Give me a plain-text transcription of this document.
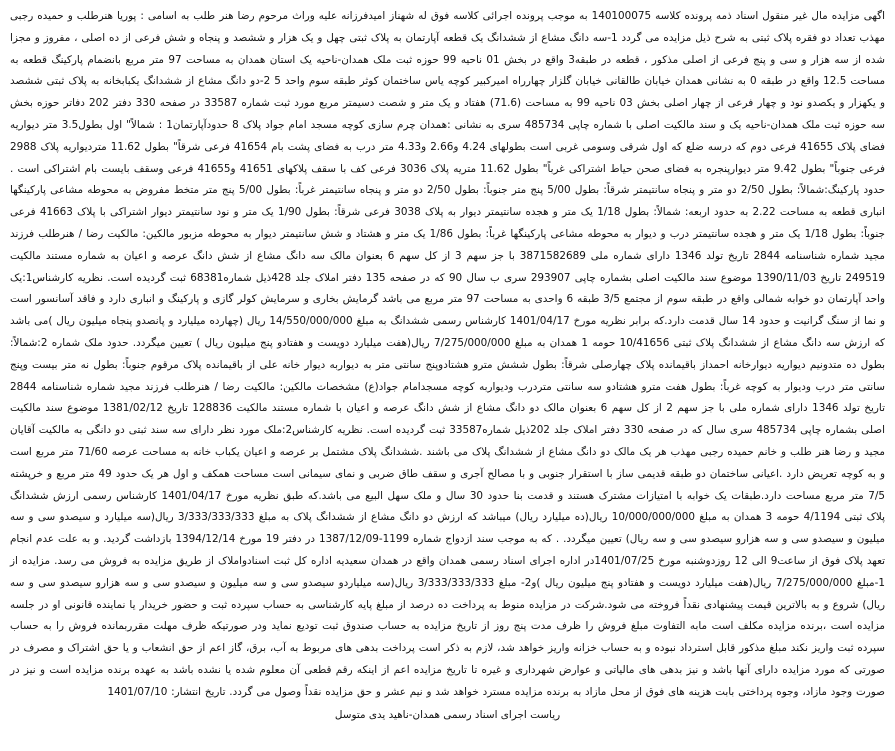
اگهی مزایده مال غیر منقول اسناد ذمه پرونده کلاسه 140100075 به موجب پرونده اجرائی کلاسه فوق له شهناز امیدفرزانه علیه وراث مرحوم رضا هنر طلب به اسامی : پوریا هنرطلب و حمیده رجبی مهذب تعداد دو فقره پلاک ثبتی به شرح ذیل مزایده می گردد 1-سه دانگ مشاع از ششدانگ یک قطعه آپارتمان به پلاک ثبتی چهل و یک هزار و ششصد و پنجاه و شش فرعی از ده اصلی ، مفروز و مجزا شده از سه هزار و سی و پنج فرعی از اصلی مذکور ، قطعه در طبقه3 واقع در بخش 01 ناحیه 99 حوزه ثبت ملک همدان-ناحیه یک استان همدان به مساحت 97 متر مربع بانضمام پارکینگ قطعه به مساحت 12.5 واقع در طبقه 0 به نشانی همدان خیابان طالقانی خیابان گلزار چهارراه امیرکبیر کوچه یاس ساختمان کوثر طبقه سوم واحد 5 2-دو دانگ مشاع از ششدانگ یکبابخانه به پلاک ثبتی ششصد و یکهزار و یکصدو نود و چهار فرعی از چهار اصلی بخش 03 ناحیه 99 به مساحت (71.6) هفتاد و یک متر و شصت دسیمتر مربع مورد ثبت شماره 33587 در صفحه 330 دفتر 202 دفاتر حوزه بخش سه حوزه ثبت ملک همدان-ناحیه یک و سند مالکیت اصلی با شماره چاپی 485734 سری به نشانی :همدان چرم سازی کوچه مسجد امام جواد پلاک 8 حدودآپارتمان1 : شمالاً" اول بطول3.5 متر دیواریه فضای پلاک 41655 فرعی دوم که درسه ضلع که اول شرقی وسومی غربی است بطولهای 4.24 و2.66 و4.33 متر درب به فضای پشت بام 41654 فرعی شرقاً" بطول 11.62 متردیواریه پلاک 2988 فرعی جنوباً" بطول 9.42 متر دیوارپنجره به فضای صحن حیاط اشتراکی غرباً" بطول 11.62 متریه پلاک 3036 فرعی کف با سقف پلاکهای 41651 و41655 فرعی وسقف بایست بام اشتراکی است . حدود پارکینگ:شمالاً: بطول 2/50 دو متر و پنجاه سانتیمتر شرقاً: بطول 5/00 پنج متر جنوباً: بطول 2/50 دو متر و پنجاه سانتیمتر غرباً: بطول 5/00 پنج متر متخط مفروض به محوطه مشاعی پارکینگها انباری قطعه به مساحت 2.22 به حدود اربعه: شمالاً: بطول 1/18 یک متر و هجده سانتیمتر دیوار به پلاک 3038 فرعی شرقاً: بطول 1/90 یک متر و نود سانتیمتر دیوار اشتراکی با پلاک 41663 فرعی جنوباً: بطول 1/18 یک متر و هجده سانتیمتر درب و دیوار به محوطه مشاعی پارکینگها غرباً: بطول 1/86 یک متر و هشتاد و شش سانتیمتر دیوار به محوطه مزبور مالکین: مالکیت رضا / هنرطلب فرزند مجید شماره شناسنامه 2844 تاریخ تولد 1346 دارای شماره ملی 3871582689 با جز سهم 3 از کل سهم 6 بعنوان مالک سه دانگ مشاع از شش دانگ عرصه و اعیان به شماره مستند مالکیت 249519 تاریخ 1390/11/03 موضوع سند مالکیت اصلی بشماره چاپی 293907 سری ب سال 90 که در صفحه 135 دفتر املاک جلد 428ذیل شماره68381 ثبت گردیده است. نظریه کارشناس1:یک واحد آپارتمان دو خوابه شمالی واقع در طبقه سوم از مجتمع 3/5 طبقه 6 واحدی به مساحت 97 متر مربع می باشد گرمایش بخاری و سرمایش کولر گازی و پارکینگ و انباری دارد و فاقد آسانسور است و نما از سنگ گرانیت و حدود 14 سال قدمت دارد.که برابر نظریه مورخ 1401/04/17 کارشناس رسمی ششدانگ به مبلغ 14/550/000/000 ریال (چهارده میلیارد و پانصدو پنجاه میلیون ریال )می باشد که ارزش سه دانگ مشاع از ششدانگ پلاک ثبتی 10/41656 حومه 1 همدان به مبلغ 7/275/000/000 ریال(هفت میلیارد دویست و هفتادو پنج میلیون ریال ) تعیین میگردد. حدود ملک شماره 2:شمالاً: بطول ده متدونیم دیواریه دیوارخانه احمداز باقیمانده پلاک چهارصلی شرقاً: بطول ششش مترو هشتادوپنج سانتی متر به دیواربه دیوار خانه علی از باقیمانده پلاک مرقوم جنوباً: بطول نه متر بیست وپنج سانتی متر درب ودیوار به کوچه غرباً: بطول هفت مترو هشتادو سه سانتی متردرب ودیواربه کوچه مسجدامام جواد(ع) مشخصات مالکین: مالکیت رضا / هنرطلب فرزند مجید شماره شناسنامه 2844 تاریخ تولد 1346 دارای شماره ملی با جز سهم 2 از کل سهم 6 بعنوان مالک دو دانگ مشاع از شش دانگ عرصه و اعیان با شماره مستند مالکیت 128836 تاریخ 1381/02/12 موضوع سند مالکیت اصلی بشماره چاپی 485734 سری سال که در صفحه 330 دفتر املاک جلد 202ذیل شماره33587 ثبت گردیده است. نظریه کارشناس2:ملک مورد نظر دارای سه سند ثبتی دو دانگی به مالکیت آقایان مجید و رضا هنر طلب و خانم حمیده رجبی مهذب هر یک مالک دو دانگ مشاع از ششدانگ پلاک می باشند .ششدانگ پلاک مشتمل بر عرصه و اعیان یکباب خانه به مساحت عرصه 71/60 متر مربع است و به کوچه تعریض دارد .اعیانی ساختمان دو طبقه قدیمی ساز با استقرار جنوبی و با مصالح آجری و سقف طاق ضربی و نمای سیمانی است مساحت همکف و اول هر یک حدود 49 متر مربع و خرپشته 7/5 متر مربع مساحت دارد.طبقات یک خوابه با امتیازات مشترک هستند و قدمت بنا حدود 30 سال و ملک سهل البیع می باشد.که طبق نظریه مورخ 1401/04/17 کارشناس رسمی ارزش ششدانگ پلاک ثبتی 4/1194 حومه 3 همدان به مبلغ 10/000/000/000 ریال(ده میلیارد ریال) میباشد که ارزش دو دانگ مشاع از ششدانگ پلاک به مبلغ 3/333/333/333 ریال(سه میلیارد و سیصدو سی و سه میلیون و سیصدو سی و سه هزارو سیصدو سی و سه ریال) تعیین میگردد. . که به موجب سند ازدواج شماره 1199-1387/12/09 در دفتر 19 مورخ 1394/12/14 بازداشت گردید. و به علت عدم انجام تعهد پلاک فوق از ساعت9 الی 12 روزدوشنبه مورخ 1401/07/25در اداره اجرای اسناد رسمی همدان واقع در همدان سعیدیه اداره کل ثبت اسنادواملاک از طریق مزایده به فروش می رسد. مزایده از 1-مبلغ 7/275/000/000 ریال(هفت میلیارد دویست و هفتادو پنج میلیون ریال )و2- مبلغ 3/333/333/333 ریال(سه میلیاردو سیصدو سی و سه میلیون و سیصدو سی و سه هزارو سیصدو سی و سه ریال) شروع و به بالاترین قیمت پیشنهادی نقداً فروخته می شود.شرکت در مزایده منوط به پرداخت ده درصد از مبلغ پایه کارشناسی به حساب سپرده ثبت و حضور خریدار یا نماینده قانونی او در جلسه مزایده است ،برنده مزایده مکلف است مابه التفاوت مبلغ فروش را ظرف مدت پنج روز از تاریخ مزایده به حساب صندوق ثبت تودیع نماید ودر صورتیکه ظرف مهلت مقرربمانده فروش را به حساب سپرده ثبت واریز نکند مبلغ مذکور قابل استرداد نبوده و به حساب خزانه واریز خواهد شد، لازم به ذکر است پرداخت بدهی های مربوط به آب، برق، گاز اعم از حق انشعاب و یا حق اشتراک و مصرف در صورتی که مورد مزایده دارای آنها باشد و نیز بدهی های مالیاتی و عوارض شهرداری و غیره تا تاریخ مزایده اعم از اینکه رقم قطعی آن معلوم شده یا نشده باشد به عهده برنده مزایده است و نیز در صورت وجود مازاد، وجوه پرداختی بابت هزینه های فوق از محل مازاد به برنده مزایده مسترد خواهد شد و نیم عشر و حق مزایده نقداً وصول می گردد. تاریخ انتشار: 1401/07/10

رياست اجرای اسناد رسمی همدان-ناهید یدی متوسل
